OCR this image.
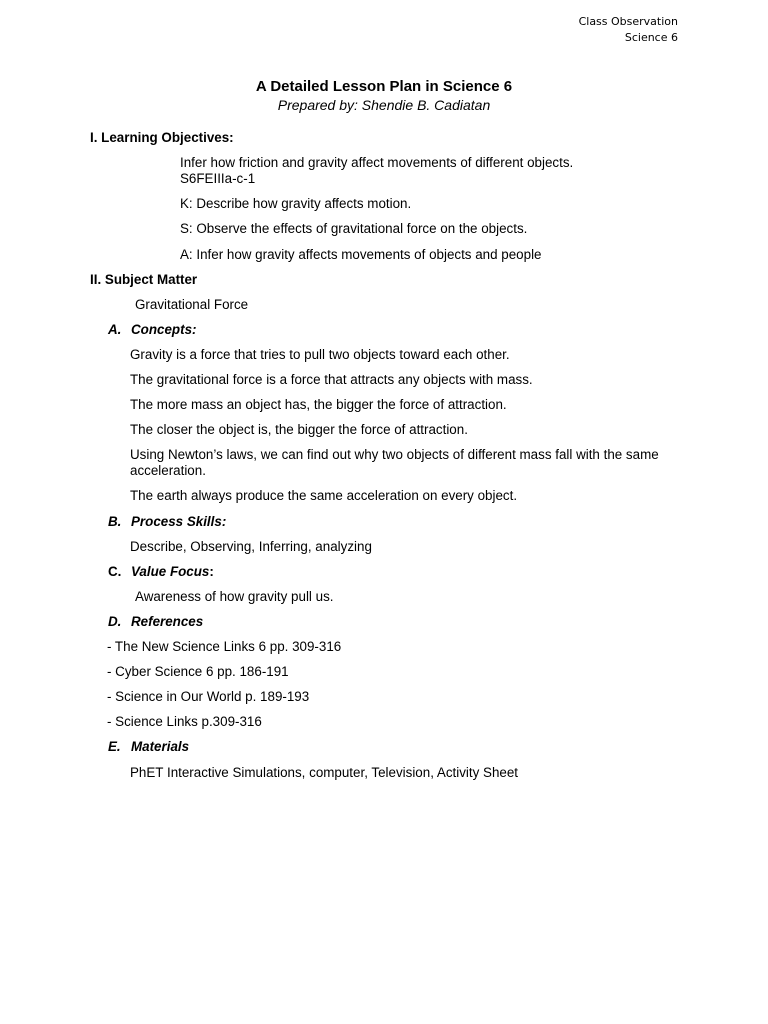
Class Observation
Science 6
A Detailed Lesson Plan in Science 6
Prepared by: Shendie B. Cadiatan
I. Learning Objectives:
Infer how friction and gravity affect movements of different objects.
S6FEIIIa-c-1
K: Describe how gravity affects motion.
S: Observe the effects of gravitational force on the objects.
A: Infer how gravity affects movements of objects and people
II. Subject Matter
Gravitational Force
A. Concepts:
Gravity is a force that tries to pull two objects toward each other.
The gravitational force is a force that attracts any objects with mass.
The more mass an object has, the bigger the force of attraction.
The closer the object is, the bigger the force of attraction.
Using Newton’s laws, we can find out why two objects of different mass fall with the same acceleration.
The earth always produce the same acceleration on every object.
B. Process Skills:
Describe, Observing, Inferring, analyzing
C. Value Focus:
Awareness of how gravity pull us.
D. References
- The New Science Links 6 pp. 309-316
- Cyber Science 6 pp. 186-191
- Science in Our World p. 189-193
- Science Links p.309-316
E. Materials
PhET Interactive Simulations, computer, Television, Activity Sheet
